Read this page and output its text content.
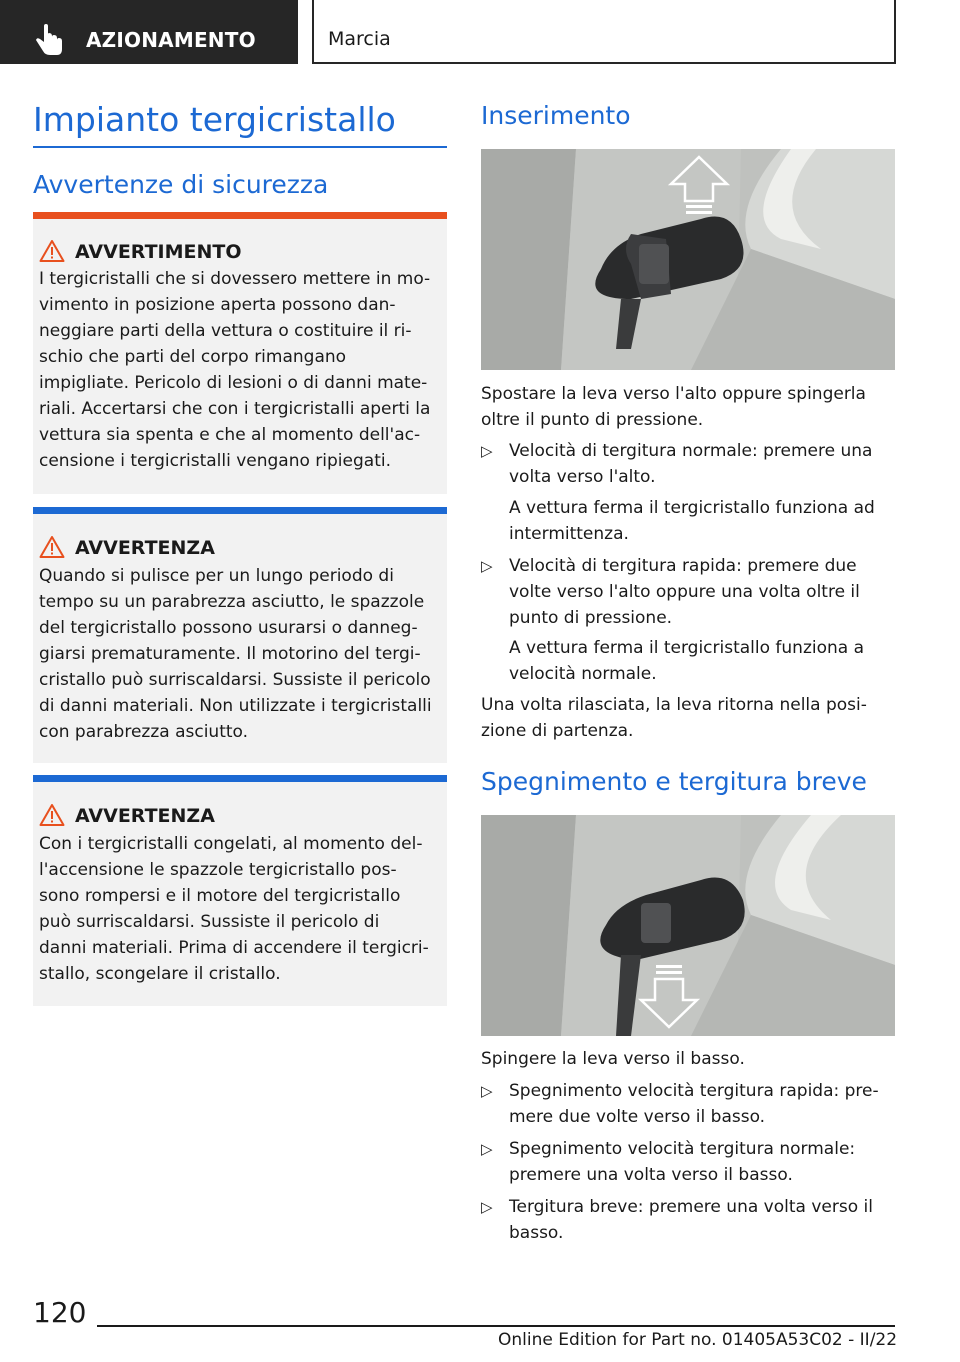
AZIONAMENTO	Marcia
Impianto tergicristallo
Avvertenze di sicurezza
AVVERTIMENTO
I tergicristalli che si dovessero mettere in mo-
vimento in posizione aperta possono dan-
neggiare parti della vettura o costituire il ri-
schio che parti del corpo rimangano
impigliate. Pericolo di lesioni o di danni mate-
riali. Accertarsi che con i tergicristalli aperti la
vettura sia spenta e che al momento dell'ac-
censione i tergicristalli vengano ripiegati.
AVVERTENZA
Quando si pulisce per un lungo periodo di
tempo su un parabrezza asciutto, le spazzole
del tergicristallo possono usurarsi o danneg-
giarsi prematuramente. Il motorino del tergi-
cristallo può surriscaldarsi. Sussiste il pericolo
di danni materiali. Non utilizzate i tergicristalli
con parabrezza asciutto.
AVVERTENZA
Con i tergicristalli congelati, al momento del-
l'accensione le spazzole tergicristallo pos-
sono rompersi e il motore del tergicristallo
può surriscaldarsi. Sussiste il pericolo di
danni materiali. Prima di accendere il tergicri-
stallo, scongelare il cristallo.
Inserimento
Spostare la leva verso l'alto oppure spingerla
oltre il punto di pressione.
▷ Velocità di tergitura normale: premere una
volta verso l'alto.
A vettura ferma il tergicristallo funziona ad
intermittenza.
▷ Velocità di tergitura rapida: premere due
volte verso l'alto oppure una volta oltre il
punto di pressione.
A vettura ferma il tergicristallo funziona a
velocità normale.
Una volta rilasciata, la leva ritorna nella posi-
zione di partenza.
Spegnimento e tergitura breve
Spingere la leva verso il basso.
▷ Spegnimento velocità tergitura rapida: pre-
mere due volte verso il basso.
▷ Spegnimento velocità tergitura normale:
premere una volta verso il basso.
▷ Tergitura breve: premere una volta verso il
basso.
120
Online Edition for Part no. 01405A53C02 - II/22
